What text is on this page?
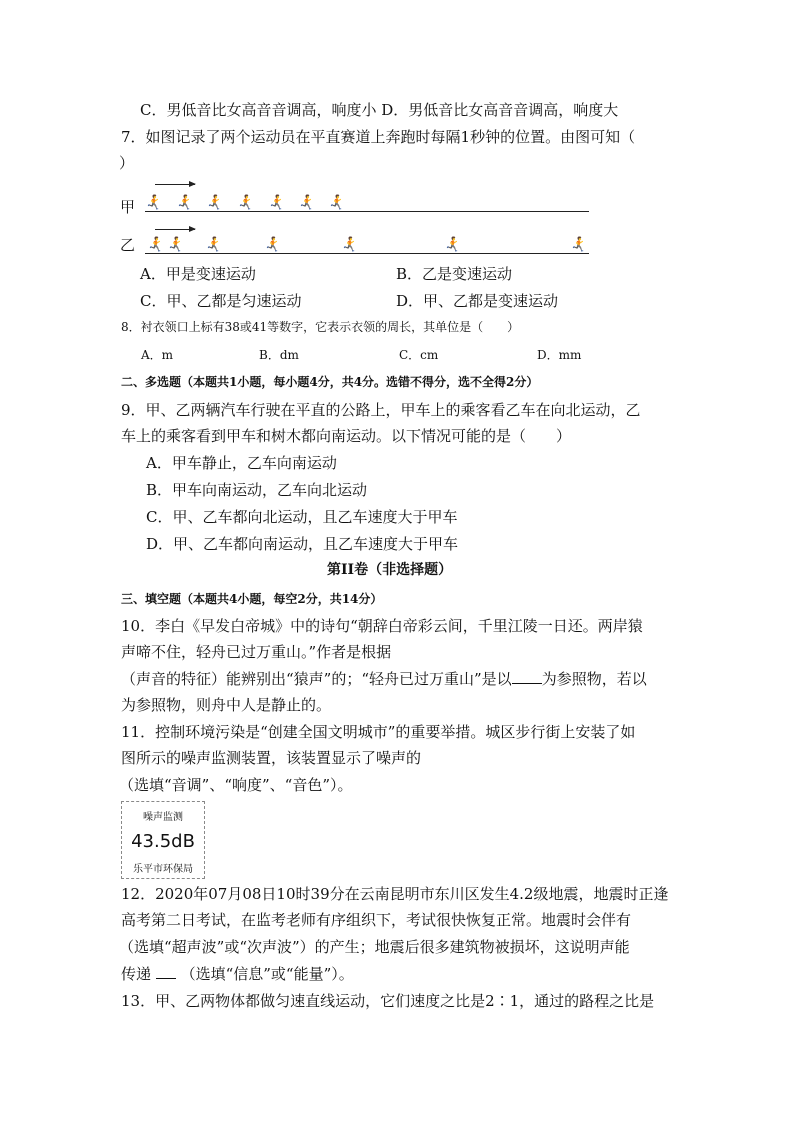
C．男低音比女高音音调高，响度小 D．男低音比女高音音调高，响度大
7．如图记录了两个运动员在平直赛道上奔跑时每隔1秒钟的位置。由图可知（
）
甲 🏃 🏃 🏃 🏃 🏃 🏃 🏃
乙 🏃 🏃 🏃	🏃	🏃	🏃	🏃
A．甲是变速运动	B．乙是变速运动
C．甲、乙都是匀速运动	D．甲、乙都是变速运动
8．衬衣领口上标有38或41等数字，它表示衣领的周长，其单位是（　　）
A．m	B．dm	C．cm	D．mm
二、多选题（本题共1小题，每小题4分，共4分。选错不得分，选不全得2分）
9．甲、乙两辆汽车行驶在平直的公路上，甲车上的乘客看乙车在向北运动，乙
车上的乘客看到甲车和树木都向南运动。以下情况可能的是（　　）
A．甲车静止，乙车向南运动
B．甲车向南运动，乙车向北运动
C．甲、乙车都向北运动，且乙车速度大于甲车
D．甲、乙车都向南运动，且乙车速度大于甲车
第II卷（非选择题）
三、填空题（本题共4小题，每空2分，共14分）
10．李白《早发白帝城》中的诗句“朝辞白帝彩云间，千里江陵一日还。两岸猿
声啼不住，轻舟已过万重山。”作者是根据
（声音的特征）能辨别出“猿声”的；“轻舟已过万重山”是以 为参照物，若以
为参照物，则舟中人是静止的。
11．控制环境污染是“创建全国文明城市”的重要举措。城区步行街上安装了如
图所示的噪声监测装置，该装置显示了噪声的
（选填“音调”、“响度”、“音色”）。
噪声监测
43.5dB
乐平市环保局
12．2020年07月08日10时39分在云南昆明市东川区发生4.2级地震，地震时正逢
高考第二日考试，在监考老师有序组织下，考试很快恢复正常。地震时会伴有
（选填“超声波”或“次声波”）的产生；地震后很多建筑物被损坏，这说明声能
传递 （选填“信息”或“能量”）。
13．甲、乙两物体都做匀速直线运动，它们速度之比是2∶1，通过的路程之比是
